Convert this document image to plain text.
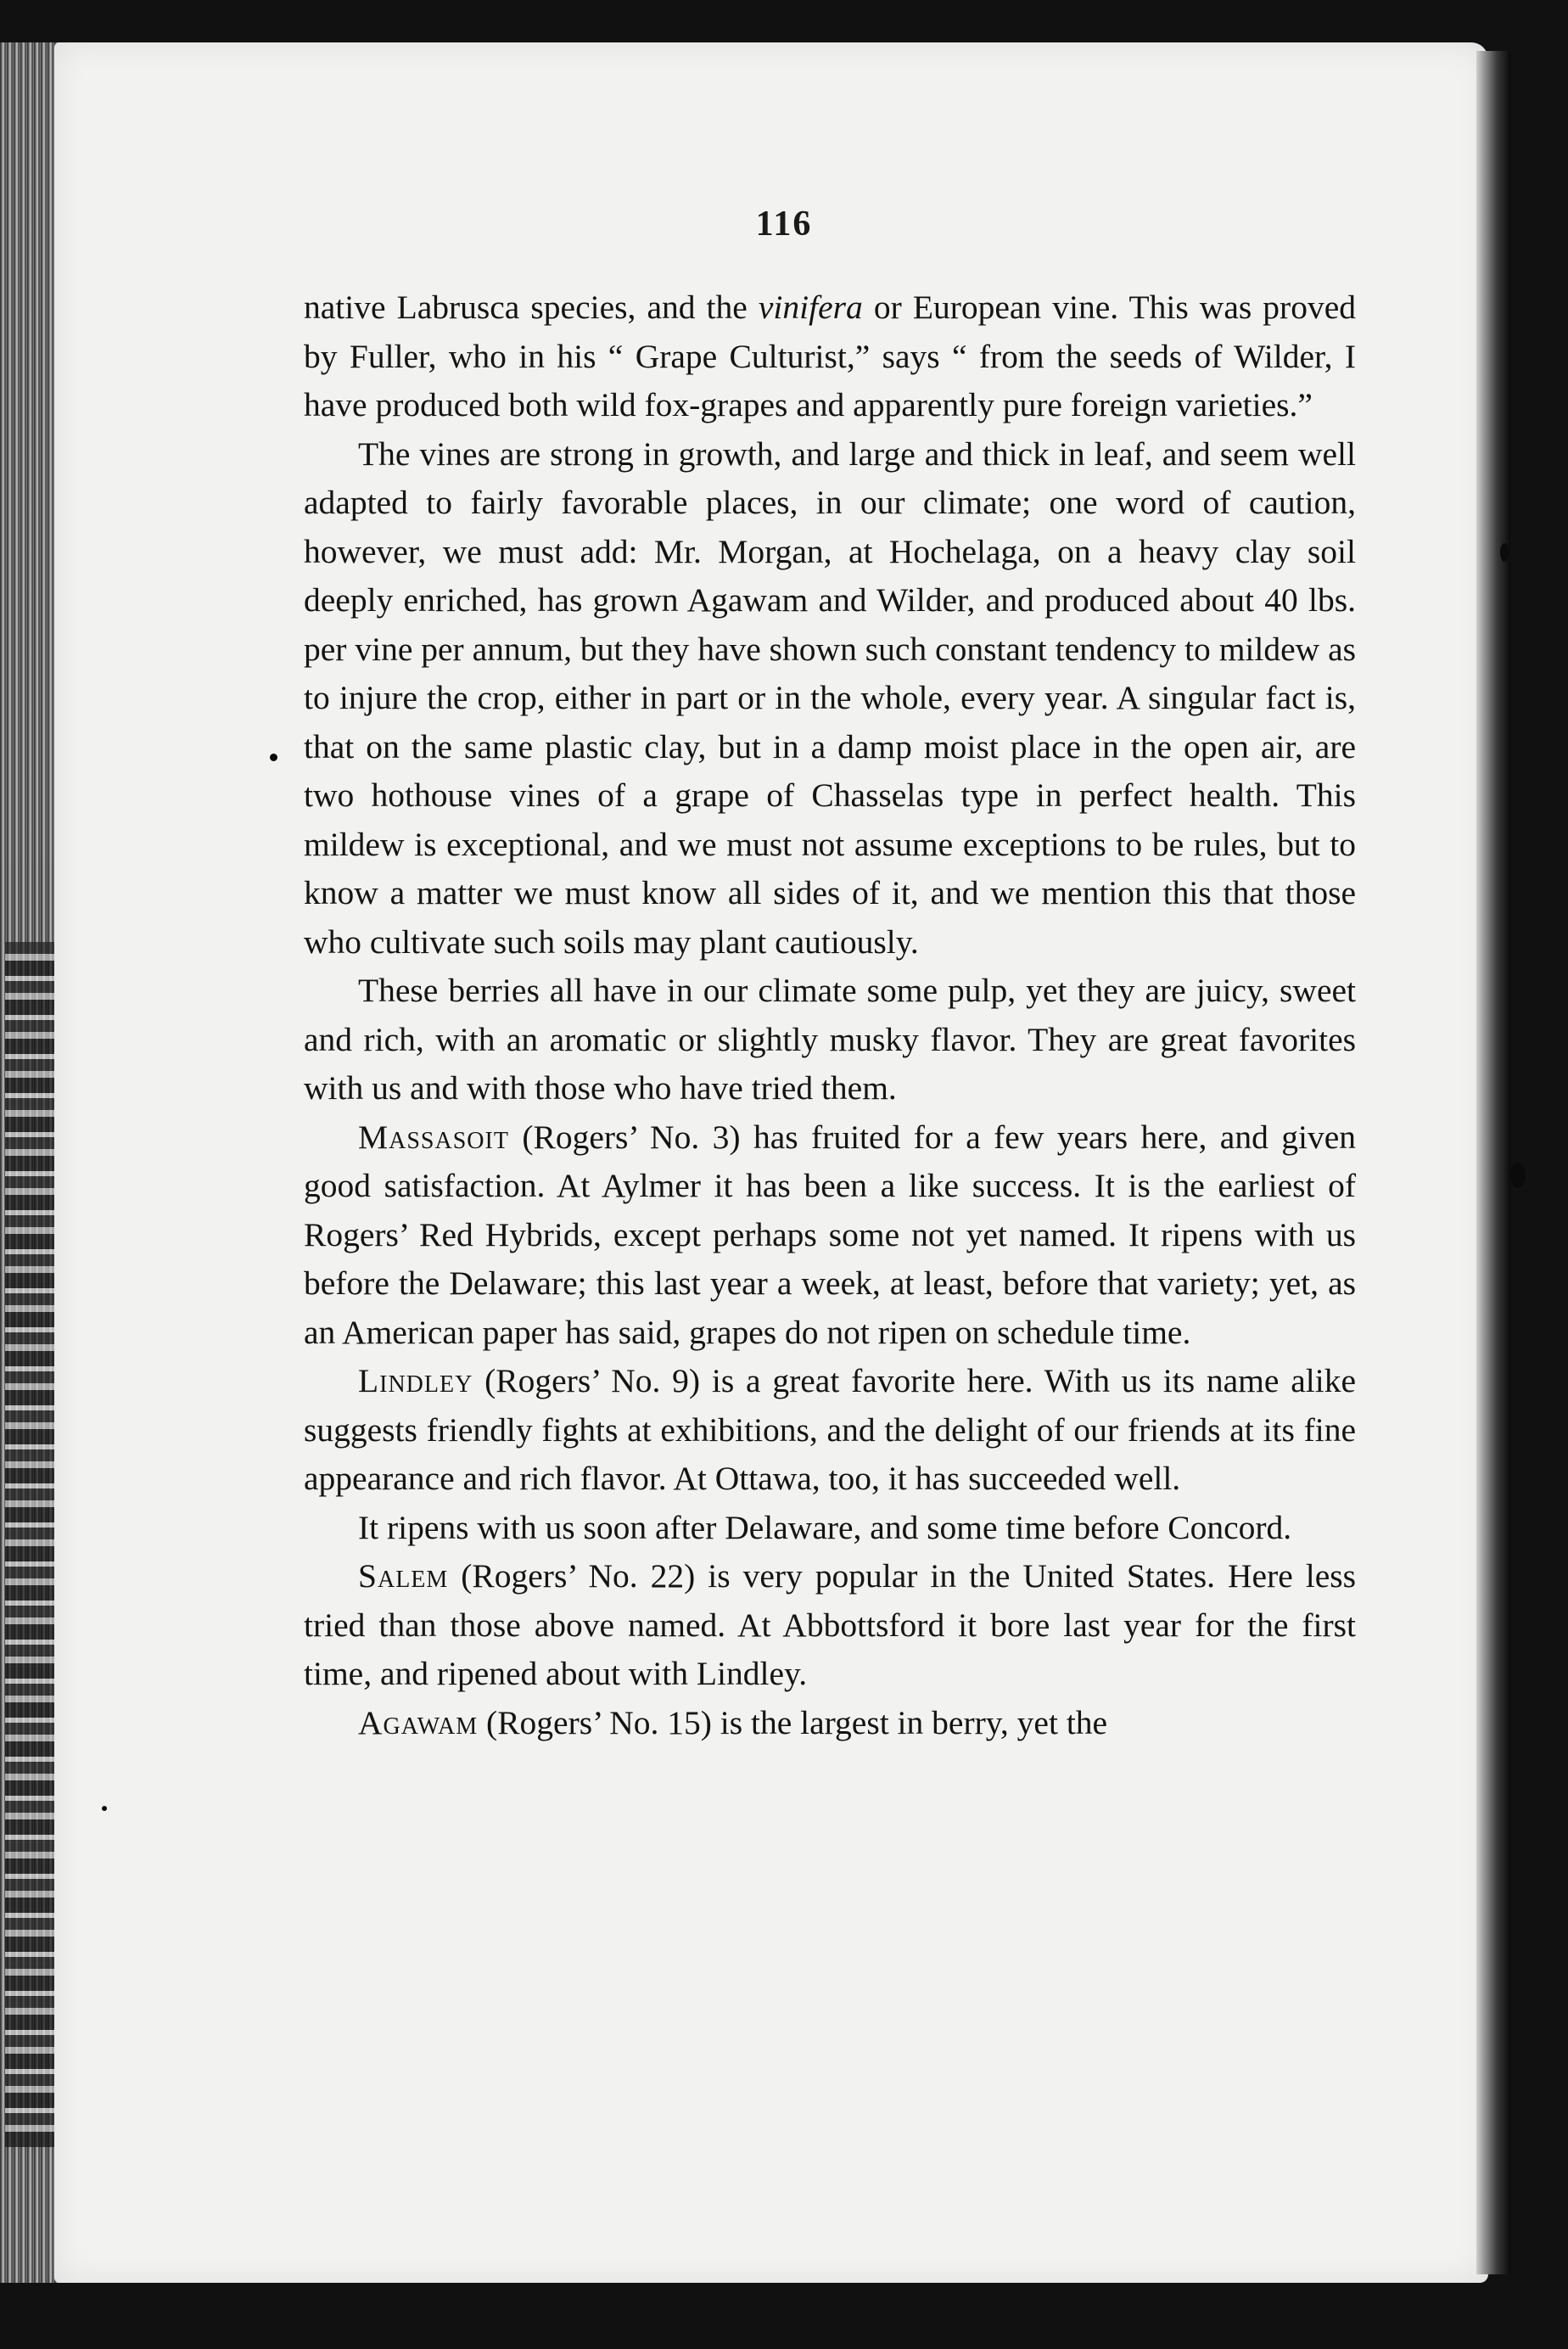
116

native Labrusca species, and the vinifera or European vine. This was proved by Fuller, who in his “ Grape Culturist,” says “ from the seeds of Wilder, I have produced both wild fox-grapes and apparently pure foreign varieties.”

The vines are strong in growth, and large and thick in leaf, and seem well adapted to fairly favorable places, in our climate; one word of caution, however, we must add: Mr. Morgan, at Hochelaga, on a heavy clay soil deeply enriched, has grown Agawam and Wilder, and produced about 40 lbs. per vine per annum, but they have shown such constant tendency to mildew as to injure the crop, either in part or in the whole, every year. A singular fact is, that on the same plastic clay, but in a damp moist place in the open air, are two hothouse vines of a grape of Chasselas type in perfect health. This mildew is exceptional, and we must not assume exceptions to be rules, but to know a matter we must know all sides of it, and we mention this that those who cultivate such soils may plant cautiously.

These berries all have in our climate some pulp, yet they are juicy, sweet and rich, with an aromatic or slightly musky flavor. They are great favorites with us and with those who have tried them.

Massasoit (Rogers’ No. 3) has fruited for a few years here, and given good satisfaction. At Aylmer it has been a like success. It is the earliest of Rogers’ Red Hybrids, except perhaps some not yet named. It ripens with us before the Delaware; this last year a week, at least, before that variety; yet, as an American paper has said, grapes do not ripen on schedule time.

Lindley (Rogers’ No. 9) is a great favorite here. With us its name alike suggests friendly fights at exhibitions, and the delight of our friends at its fine appearance and rich flavor. At Ottawa, too, it has succeeded well.

It ripens with us soon after Delaware, and some time before Concord.

Salem (Rogers’ No. 22) is very popular in the United States. Here less tried than those above named. At Abbottsford it bore last year for the first time, and ripened about with Lindley.

Agawam (Rogers’ No. 15) is the largest in berry, yet the
